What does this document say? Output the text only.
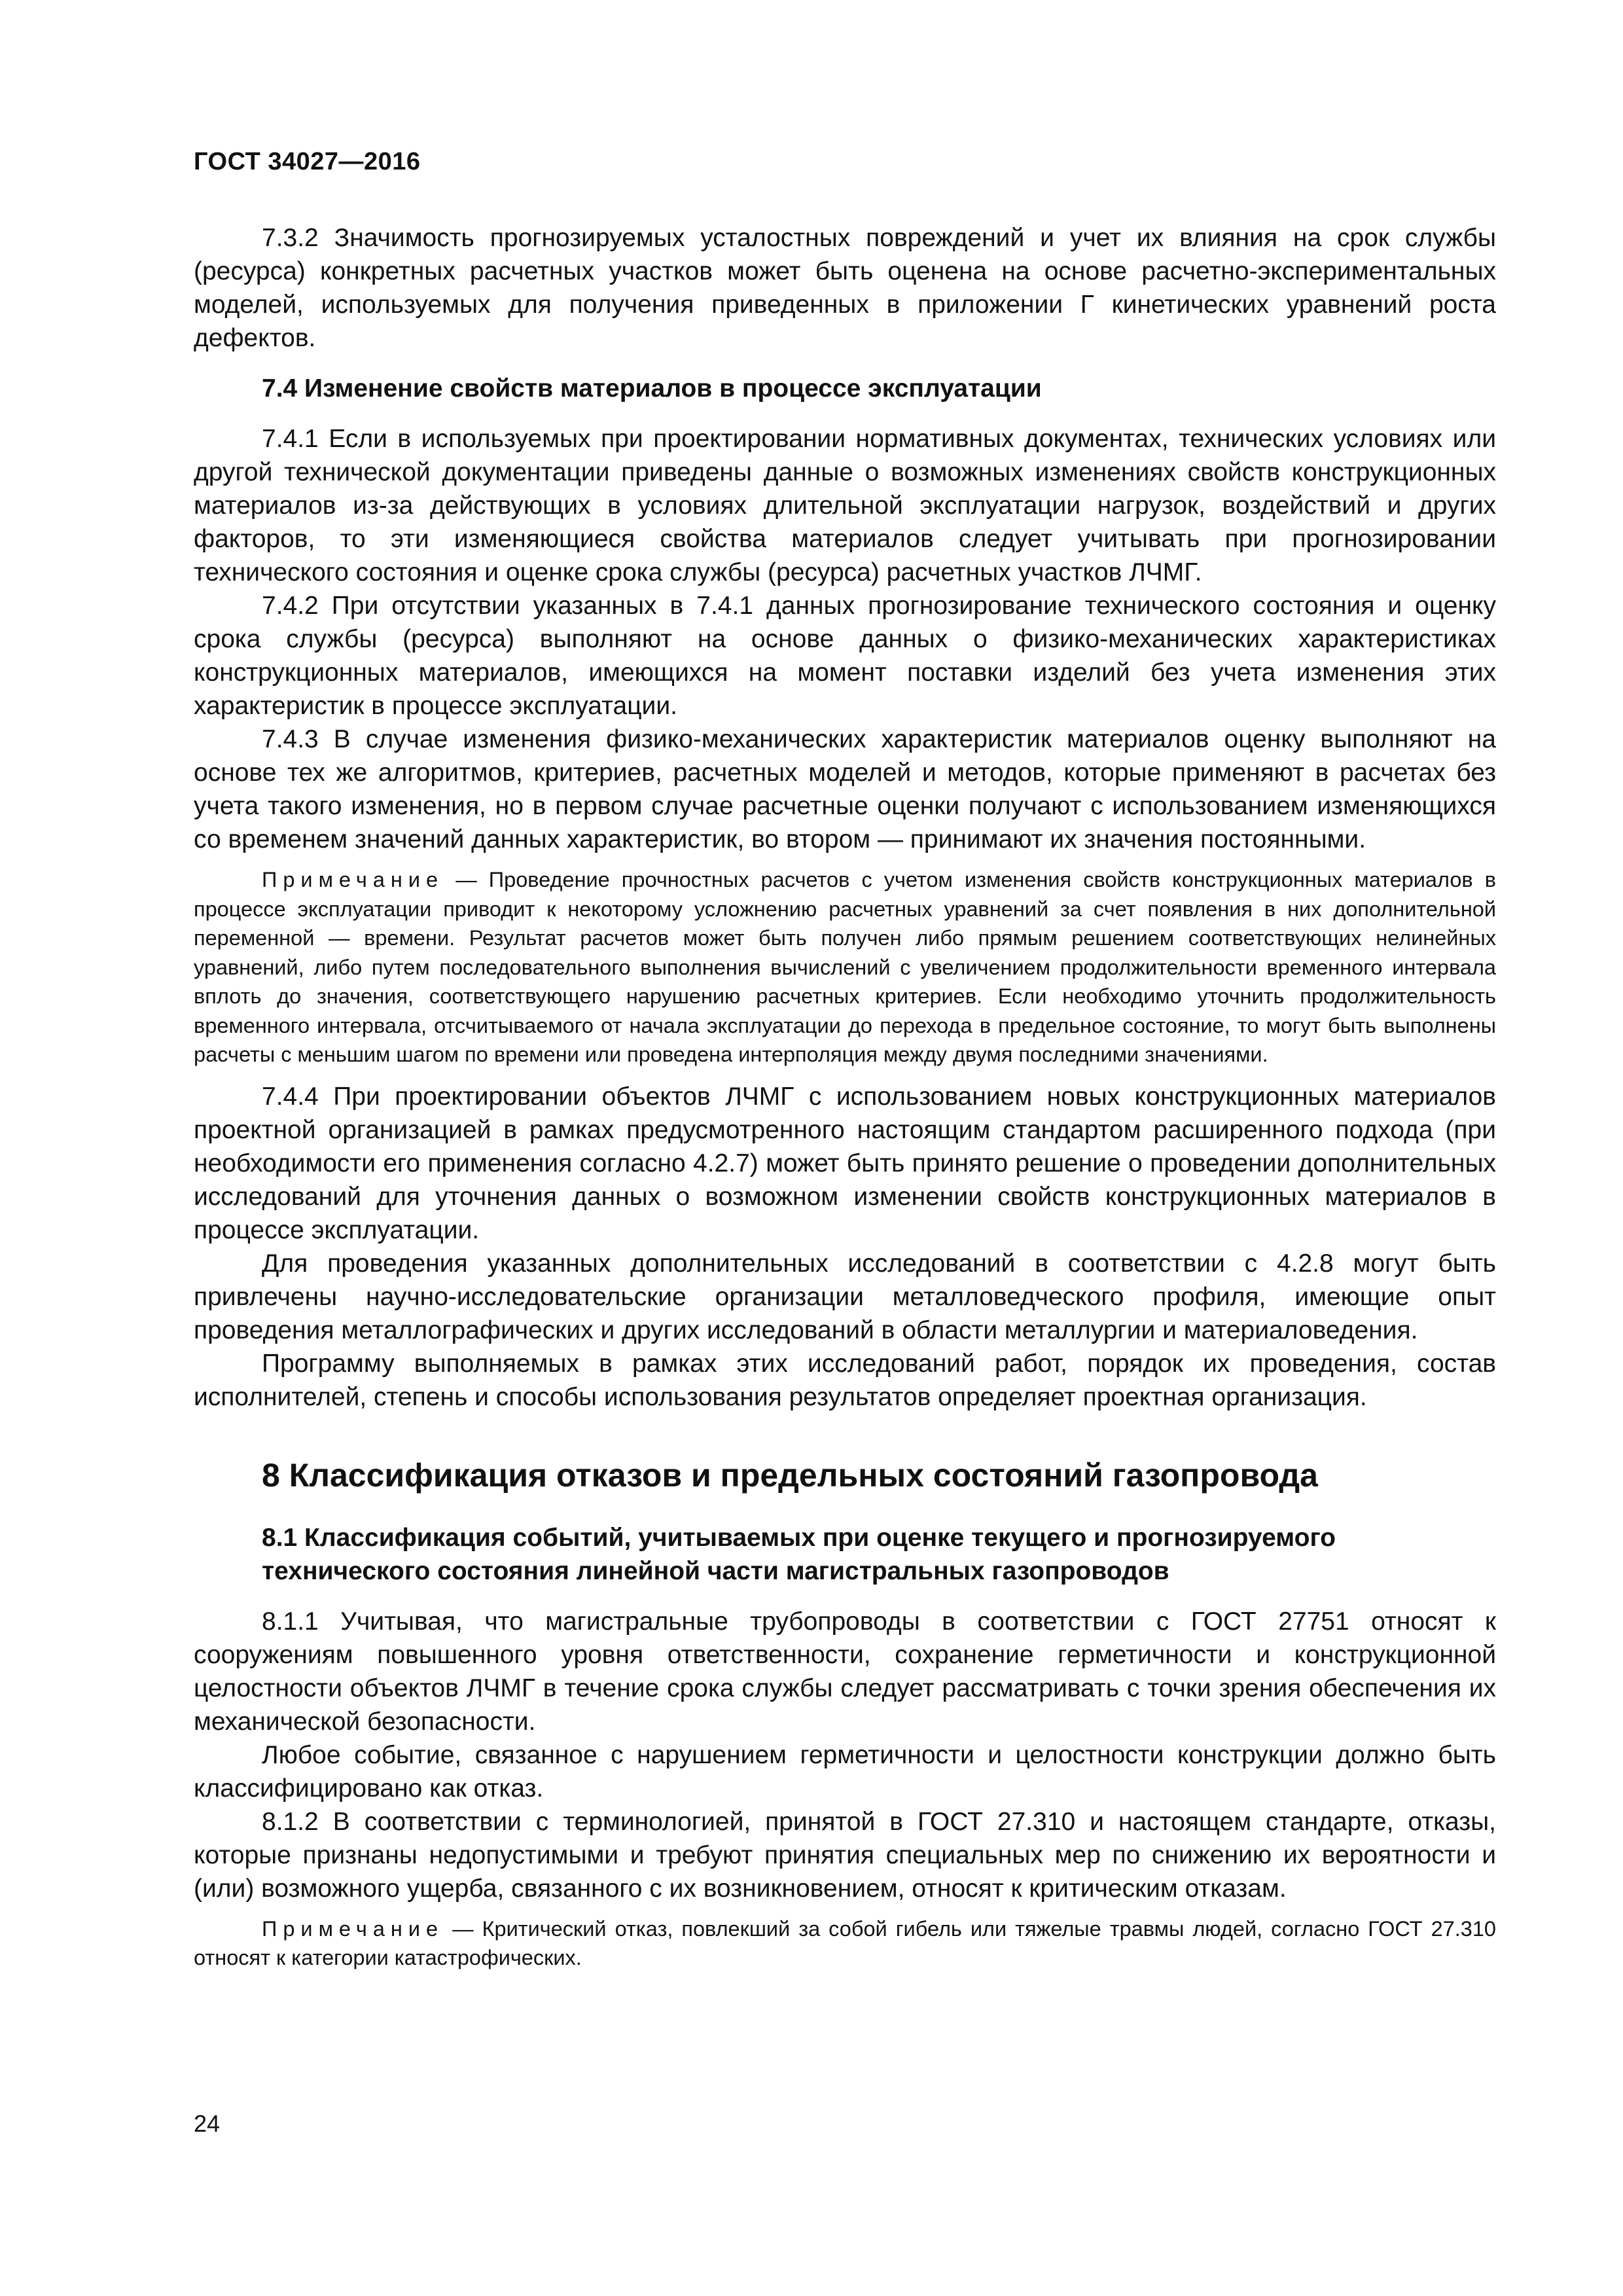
ГОСТ 34027—2016

7.3.2 Значимость прогнозируемых усталостных повреждений и учет их влияния на срок службы (ресурса) конкретных расчетных участков может быть оценена на основе расчетно-экспериментальных моделей, используемых для получения приведенных в приложении Г кинетических уравнений роста дефектов.

7.4 Изменение свойств материалов в процессе эксплуатации

7.4.1 Если в используемых при проектировании нормативных документах, технических условиях или другой технической документации приведены данные о возможных изменениях свойств конструкционных материалов из-за действующих в условиях длительной эксплуатации нагрузок, воздействий и других факторов, то эти изменяющиеся свойства материалов следует учитывать при прогнозировании технического состояния и оценке срока службы (ресурса) расчетных участков ЛЧМГ.

7.4.2 При отсутствии указанных в 7.4.1 данных прогнозирование технического состояния и оценку срока службы (ресурса) выполняют на основе данных о физико-механических характеристиках конструкционных материалов, имеющихся на момент поставки изделий без учета изменения этих характеристик в процессе эксплуатации.

7.4.3 В случае изменения физико-механических характеристик материалов оценку выполняют на основе тех же алгоритмов, критериев, расчетных моделей и методов, которые применяют в расчетах без учета такого изменения, но в первом случае расчетные оценки получают с использованием изменяющихся со временем значений данных характеристик, во втором — принимают их значения постоянными.

Примечание — Проведение прочностных расчетов с учетом изменения свойств конструкционных материалов в процессе эксплуатации приводит к некоторому усложнению расчетных уравнений за счет появления в них дополнительной переменной — времени. Результат расчетов может быть получен либо прямым решением соответствующих нелинейных уравнений, либо путем последовательного выполнения вычислений с увеличением продолжительности временного интервала вплоть до значения, соответствующего нарушению расчетных критериев. Если необходимо уточнить продолжительность временного интервала, отсчитываемого от начала эксплуатации до перехода в предельное состояние, то могут быть выполнены расчеты с меньшим шагом по времени или проведена интерполяция между двумя последними значениями.

7.4.4 При проектировании объектов ЛЧМГ с использованием новых конструкционных материалов проектной организацией в рамках предусмотренного настоящим стандартом расширенного подхода (при необходимости его применения согласно 4.2.7) может быть принято решение о проведении дополнительных исследований для уточнения данных о возможном изменении свойств конструкционных материалов в процессе эксплуатации.

Для проведения указанных дополнительных исследований в соответствии с 4.2.8 могут быть привлечены научно-исследовательские организации металловедческого профиля, имеющие опыт проведения металлографических и других исследований в области металлургии и материаловедения.

Программу выполняемых в рамках этих исследований работ, порядок их проведения, состав исполнителей, степень и способы использования результатов определяет проектная организация.

8 Классификация отказов и предельных состояний газопровода

8.1 Классификация событий, учитываемых при оценке текущего и прогнозируемого технического состояния линейной части магистральных газопроводов

8.1.1 Учитывая, что магистральные трубопроводы в соответствии с ГОСТ 27751 относят к сооружениям повышенного уровня ответственности, сохранение герметичности и конструкционной целостности объектов ЛЧМГ в течение срока службы следует рассматривать с точки зрения обеспечения их механической безопасности.

Любое событие, связанное с нарушением герметичности и целостности конструкции должно быть классифицировано как отказ.

8.1.2 В соответствии с терминологией, принятой в ГОСТ 27.310 и настоящем стандарте, отказы, которые признаны недопустимыми и требуют принятия специальных мер по снижению их вероятности и (или) возможного ущерба, связанного с их возникновением, относят к критическим отказам.

Примечание — Критический отказ, повлекший за собой гибель или тяжелые травмы людей, согласно ГОСТ 27.310 относят к категории катастрофических.

24
